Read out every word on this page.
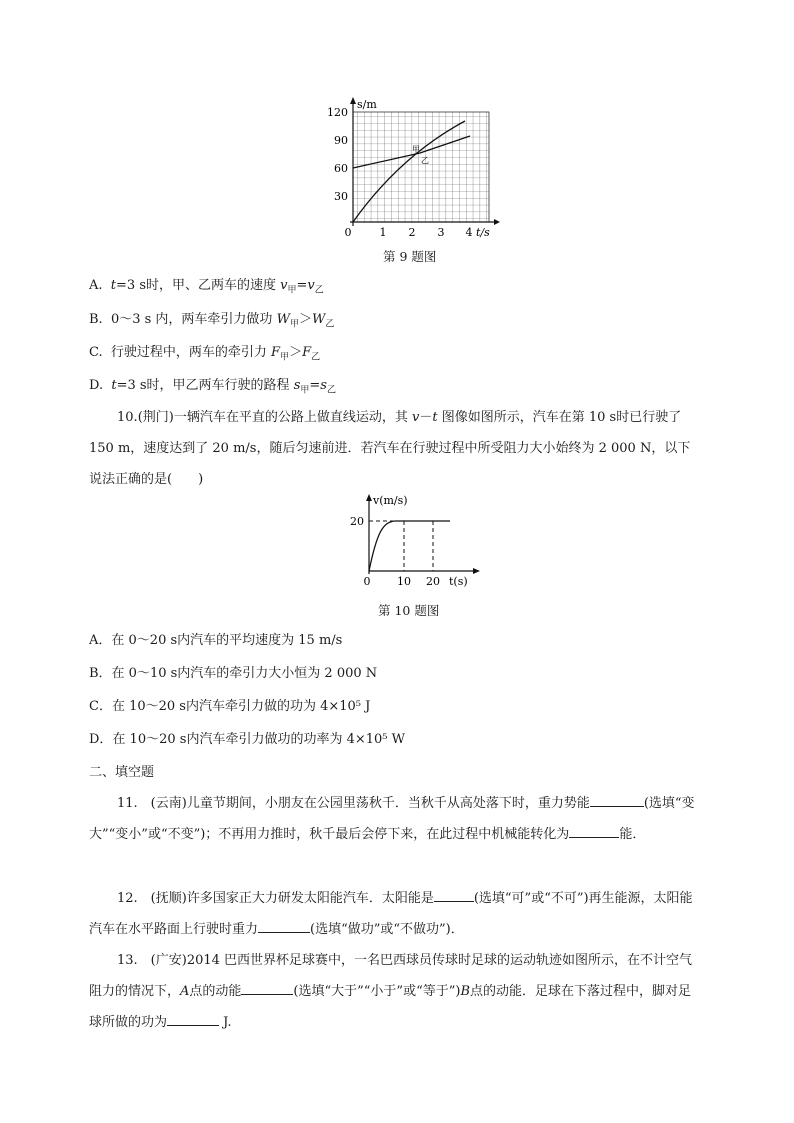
s/m
120
90
60
30
0	1 2 3 4 t/s
甲
乙
第 9 题图
A. t=3 s时，甲、乙两车的速度 $v_甲=v_乙$
B. 0～3 s 内，两车牵引力做功 $W_甲>W_乙$
C. 行驶过程中，两车的牵引力 $F_甲>F_乙$
D. t=3 s时，甲乙两车行驶的路程 $s_甲=s_乙$
10.(荆门)一辆汽车在平直的公路上做直线运动，其 v－t 图像如图所示，汽车在第 10 s时已行驶了 150 m，速度达到了 20 m/s，随后匀速前进．若汽车在行驶过程中所受阻力大小始终为 2 000 N，以下说法正确的是(　　)
v(m/s)
20
0 10 20 t(s)
第 10 题图
A．在 0～20 s内汽车的平均速度为 15 m/s
B．在 0～10 s内汽车的牵引力大小恒为 2 000 N
C．在 10～20 s内汽车牵引力做的功为 4×10⁵ J
D．在 10～20 s内汽车牵引力做功的功率为 4×10⁵ W
二、填空题
11.　(云南)儿童节期间，小朋友在公园里荡秋千．当秋千从高处落下时，重力势能	(选填“变大”“变小”或“不变”)；不再用力推时，秋千最后会停下来，在此过程中机械能转化为	能．
12.　(抚顺)许多国家正大力研发太阳能汽车．太阳能是	(选填“可”或“不可”)再生能源，太阳能汽车在水平路面上行驶时重力	(选填“做功”或“不做功”)．
13.　(广安)2014 巴西世界杯足球赛中，一名巴西球员传球时足球的运动轨迹如图所示，在不计空气阻力的情况下，A点的动能	(选填“大于”“小于”或“等于”)B点的动能．足球在下落过程中，脚对足球所做的功为	J.
